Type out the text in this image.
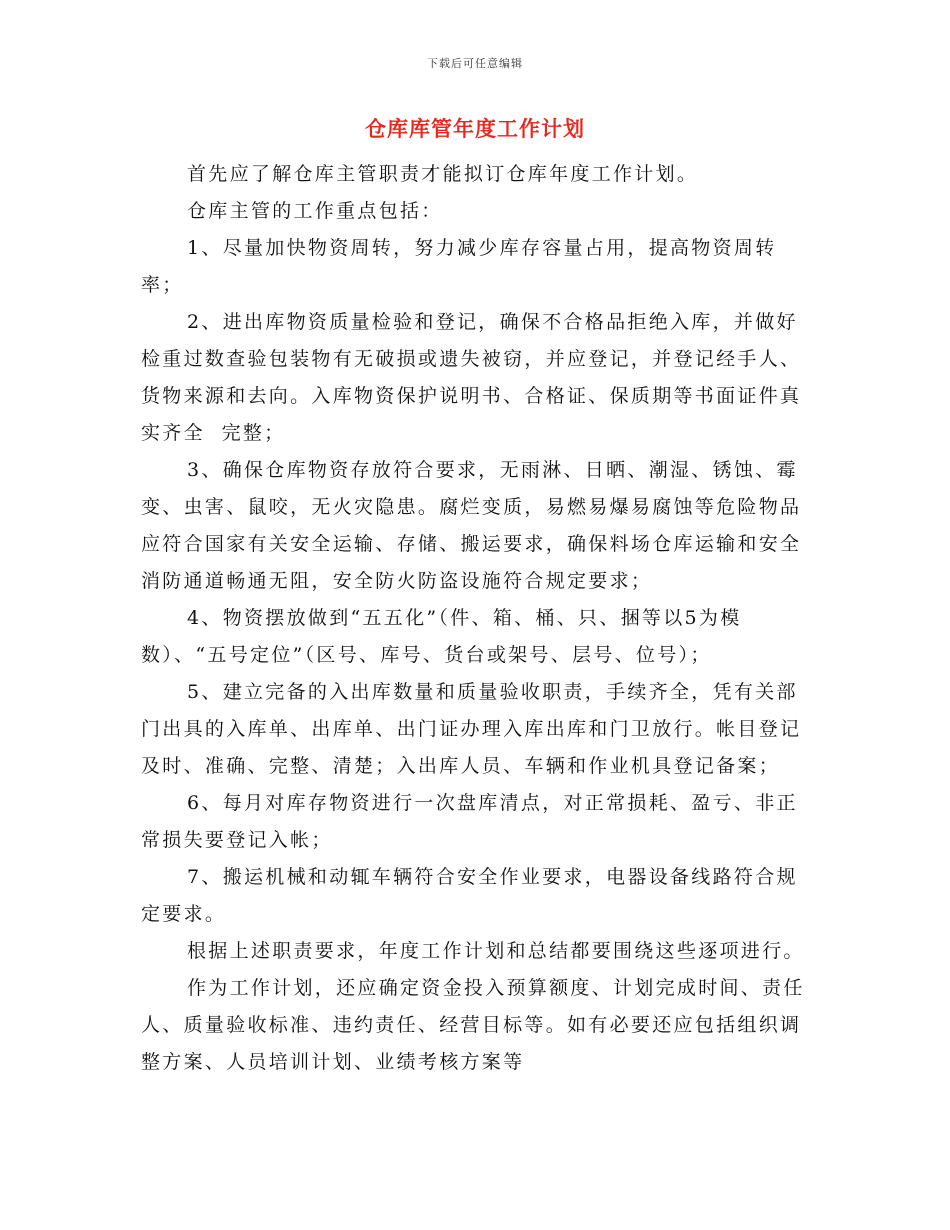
下载后可任意编辑
仓库库管年度工作计划

首先应了解仓库主管职责才能拟订仓库年度工作计划。

仓库主管的工作重点包括：

1、尽量加快物资周转，努力减少库存容量占用，提高物资周转率；

2、进出库物资质量检验和登记，确保不合格品拒绝入库，并做好检重过数查验包装物有无破损或遗失被窃，并应登记，并登记经手人、货物来源和去向。入库物资保护说明书、合格证、保质期等书面证件真实齐全  完整；

3、确保仓库物资存放符合要求，无雨淋、日晒、潮湿、锈蚀、霉变、虫害、鼠咬，无火灾隐患。腐烂变质，易燃易爆易腐蚀等危险物品应符合国家有关安全运输、存储、搬运要求，确保料场仓库运输和安全消防通道畅通无阻，安全防火防盗设施符合规定要求；

4、物资摆放做到“五五化”（件、箱、桶、只、捆等以5为模数）、“五号定位”（区号、库号、货台或架号、层号、位号）；

5、建立完备的入出库数量和质量验收职责，手续齐全，凭有关部门出具的入库单、出库单、出门证办理入库出库和门卫放行。帐目登记及时、准确、完整、清楚；入出库人员、车辆和作业机具登记备案；

6、每月对库存物资进行一次盘库清点，对正常损耗、盈亏、非正常损失要登记入帐；

7、搬运机械和动辄车辆符合安全作业要求，电器设备线路符合规定要求。

根据上述职责要求，年度工作计划和总结都要围绕这些逐项进行。

作为工作计划，还应确定资金投入预算额度、计划完成时间、责任人、质量验收标准、违约责任、经营目标等。如有必要还应包括组织调整方案、人员培训计划、业绩考核方案等
